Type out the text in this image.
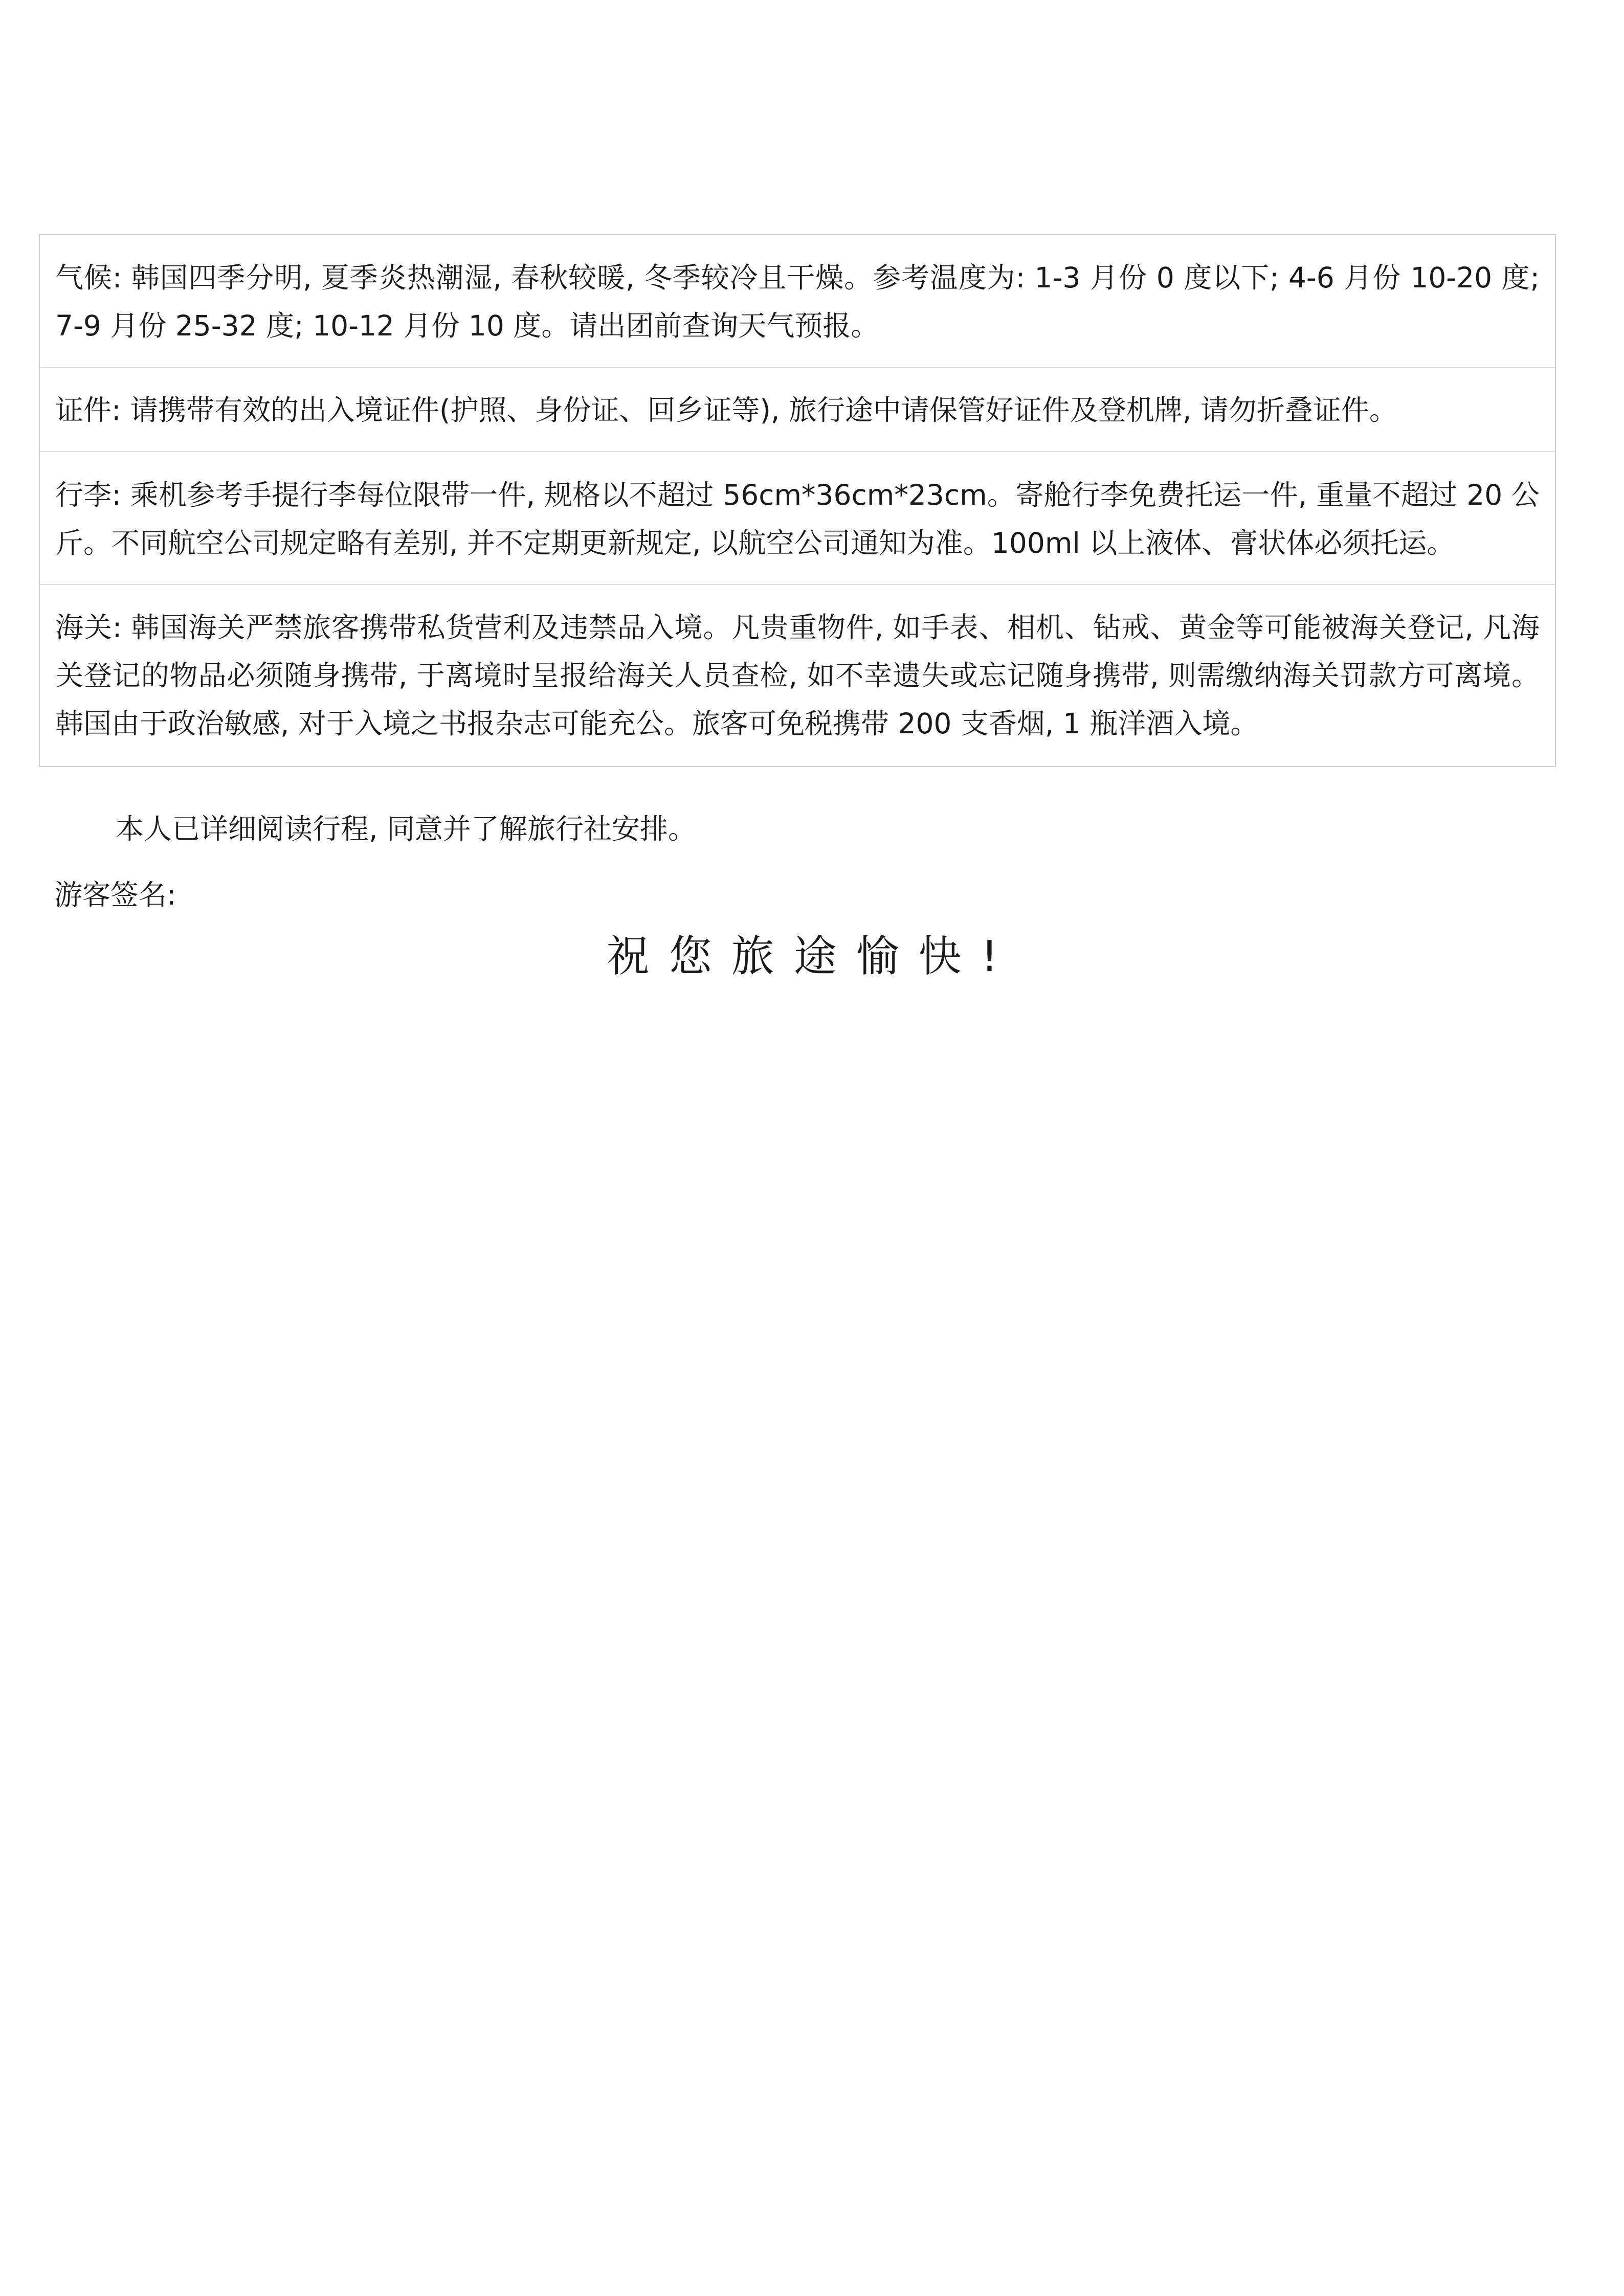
气候: 韩国四季分明, 夏季炎热潮湿, 春秋较暖, 冬季较冷且干燥。参考温度为: 1-3 月份 0 度以下; 4-6 月份 10-20 度; 7-9 月份 25-32 度; 10-12 月份 10 度。请出团前查询天气预报。
证件: 请携带有效的出入境证件(护照、身份证、回乡证等), 旅行途中请保管好证件及登机牌, 请勿折叠证件。
行李: 乘机参考手提行李每位限带一件, 规格以不超过 56cm*36cm*23cm。寄舱行李免费托运一件, 重量不超过 20 公斤。不同航空公司规定略有差别, 并不定期更新规定, 以航空公司通知为准。100ml 以上液体、膏状体必须托运。
海关: 韩国海关严禁旅客携带私货营利及违禁品入境。凡贵重物件, 如手表、相机、钻戒、黄金等可能被海关登记, 凡海关登记的物品必须随身携带, 于离境时呈报给海关人员查检, 如不幸遗失或忘记随身携带, 则需缴纳海关罚款方可离境。韩国由于政治敏感, 对于入境之书报杂志可能充公。旅客可免税携带 200 支香烟, 1 瓶洋酒入境。
本人已详细阅读行程, 同意并了解旅行社安排。
游客签名:
祝您旅途愉快!
